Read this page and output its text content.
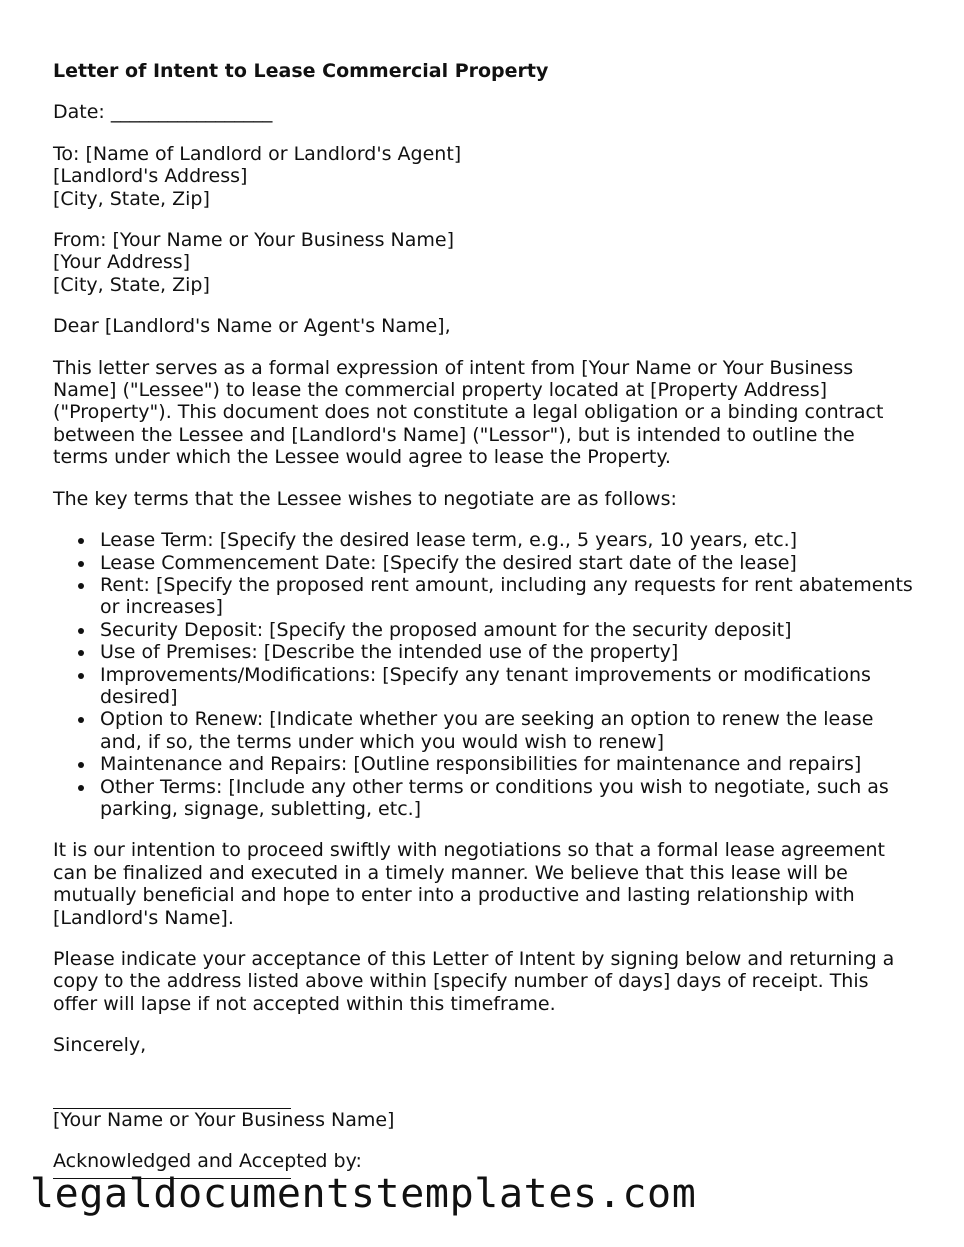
Letter of Intent to Lease Commercial Property

Date: _________________

To: [Name of Landlord or Landlord's Agent]
[Landlord's Address]
[City, State, Zip]

From: [Your Name or Your Business Name]
[Your Address]
[City, State, Zip]

Dear [Landlord's Name or Agent's Name],

This letter serves as a formal expression of intent from [Your Name or Your Business Name] ("Lessee") to lease the commercial property located at [Property Address] ("Property"). This document does not constitute a legal obligation or a binding contract between the Lessee and [Landlord's Name] ("Lessor"), but is intended to outline the terms under which the Lessee would agree to lease the Property.

The key terms that the Lessee wishes to negotiate are as follows:

Lease Term: [Specify the desired lease term, e.g., 5 years, 10 years, etc.]
Lease Commencement Date: [Specify the desired start date of the lease]
Rent: [Specify the proposed rent amount, including any requests for rent abatements or increases]
Security Deposit: [Specify the proposed amount for the security deposit]
Use of Premises: [Describe the intended use of the property]
Improvements/Modifications: [Specify any tenant improvements or modifications desired]
Option to Renew: [Indicate whether you are seeking an option to renew the lease and, if so, the terms under which you would wish to renew]
Maintenance and Repairs: [Outline responsibilities for maintenance and repairs]
Other Terms: [Include any other terms or conditions you wish to negotiate, such as parking, signage, subletting, etc.]

It is our intention to proceed swiftly with negotiations so that a formal lease agreement can be finalized and executed in a timely manner. We believe that this lease will be mutually beneficial and hope to enter into a productive and lasting relationship with [Landlord's Name].

Please indicate your acceptance of this Letter of Intent by signing below and returning a copy to the address listed above within [specify number of days] days of receipt. This offer will lapse if not accepted within this timeframe.

Sincerely,

[Your Name or Your Business Name]

Acknowledged and Accepted by:

legaldocumentstemplates.com
